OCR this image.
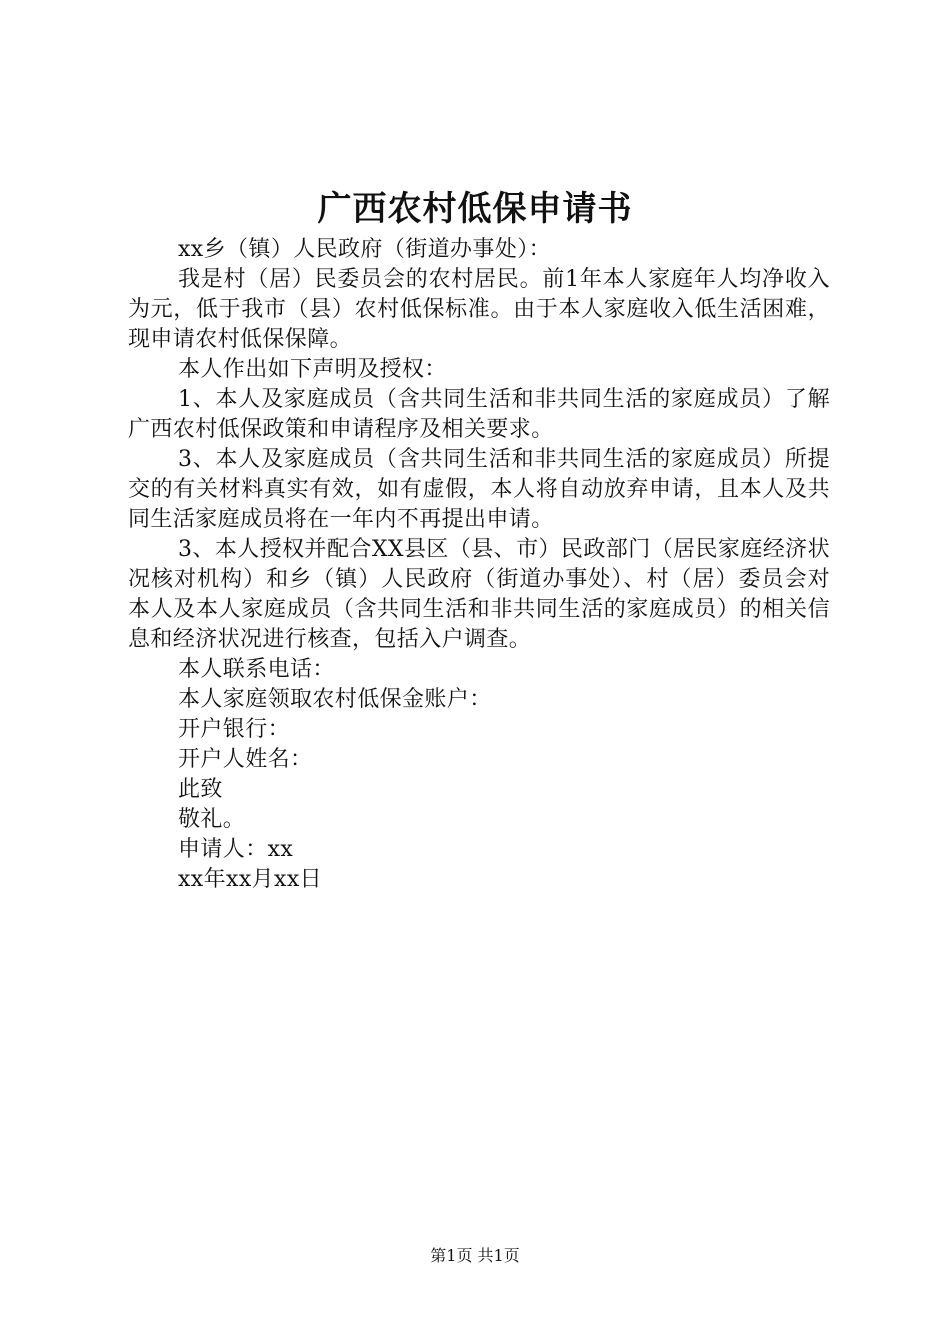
广西农村低保申请书

xx乡（镇）人民政府（街道办事处）：

我是村（居）民委员会的农村居民。前1年本人家庭年人均净收入为元，低于我市（县）农村低保标准。由于本人家庭收入低生活困难，现申请农村低保保障。

本人作出如下声明及授权：

1、本人及家庭成员（含共同生活和非共同生活的家庭成员）了解广西农村低保政策和申请程序及相关要求。

3、本人及家庭成员（含共同生活和非共同生活的家庭成员）所提交的有关材料真实有效，如有虚假，本人将自动放弃申请，且本人及共同生活家庭成员将在一年内不再提出申请。

3、本人授权并配合XX县区（县、市）民政部门（居民家庭经济状况核对机构）和乡（镇）人民政府（街道办事处）、村（居）委员会对本人及本人家庭成员（含共同生活和非共同生活的家庭成员）的相关信息和经济状况进行核查，包括入户调查。

本人联系电话：

本人家庭领取农村低保金账户：

开户银行：

开户人姓名：

此致

敬礼。

申请人：xx

xx年xx月xx日

第1页 共1页
